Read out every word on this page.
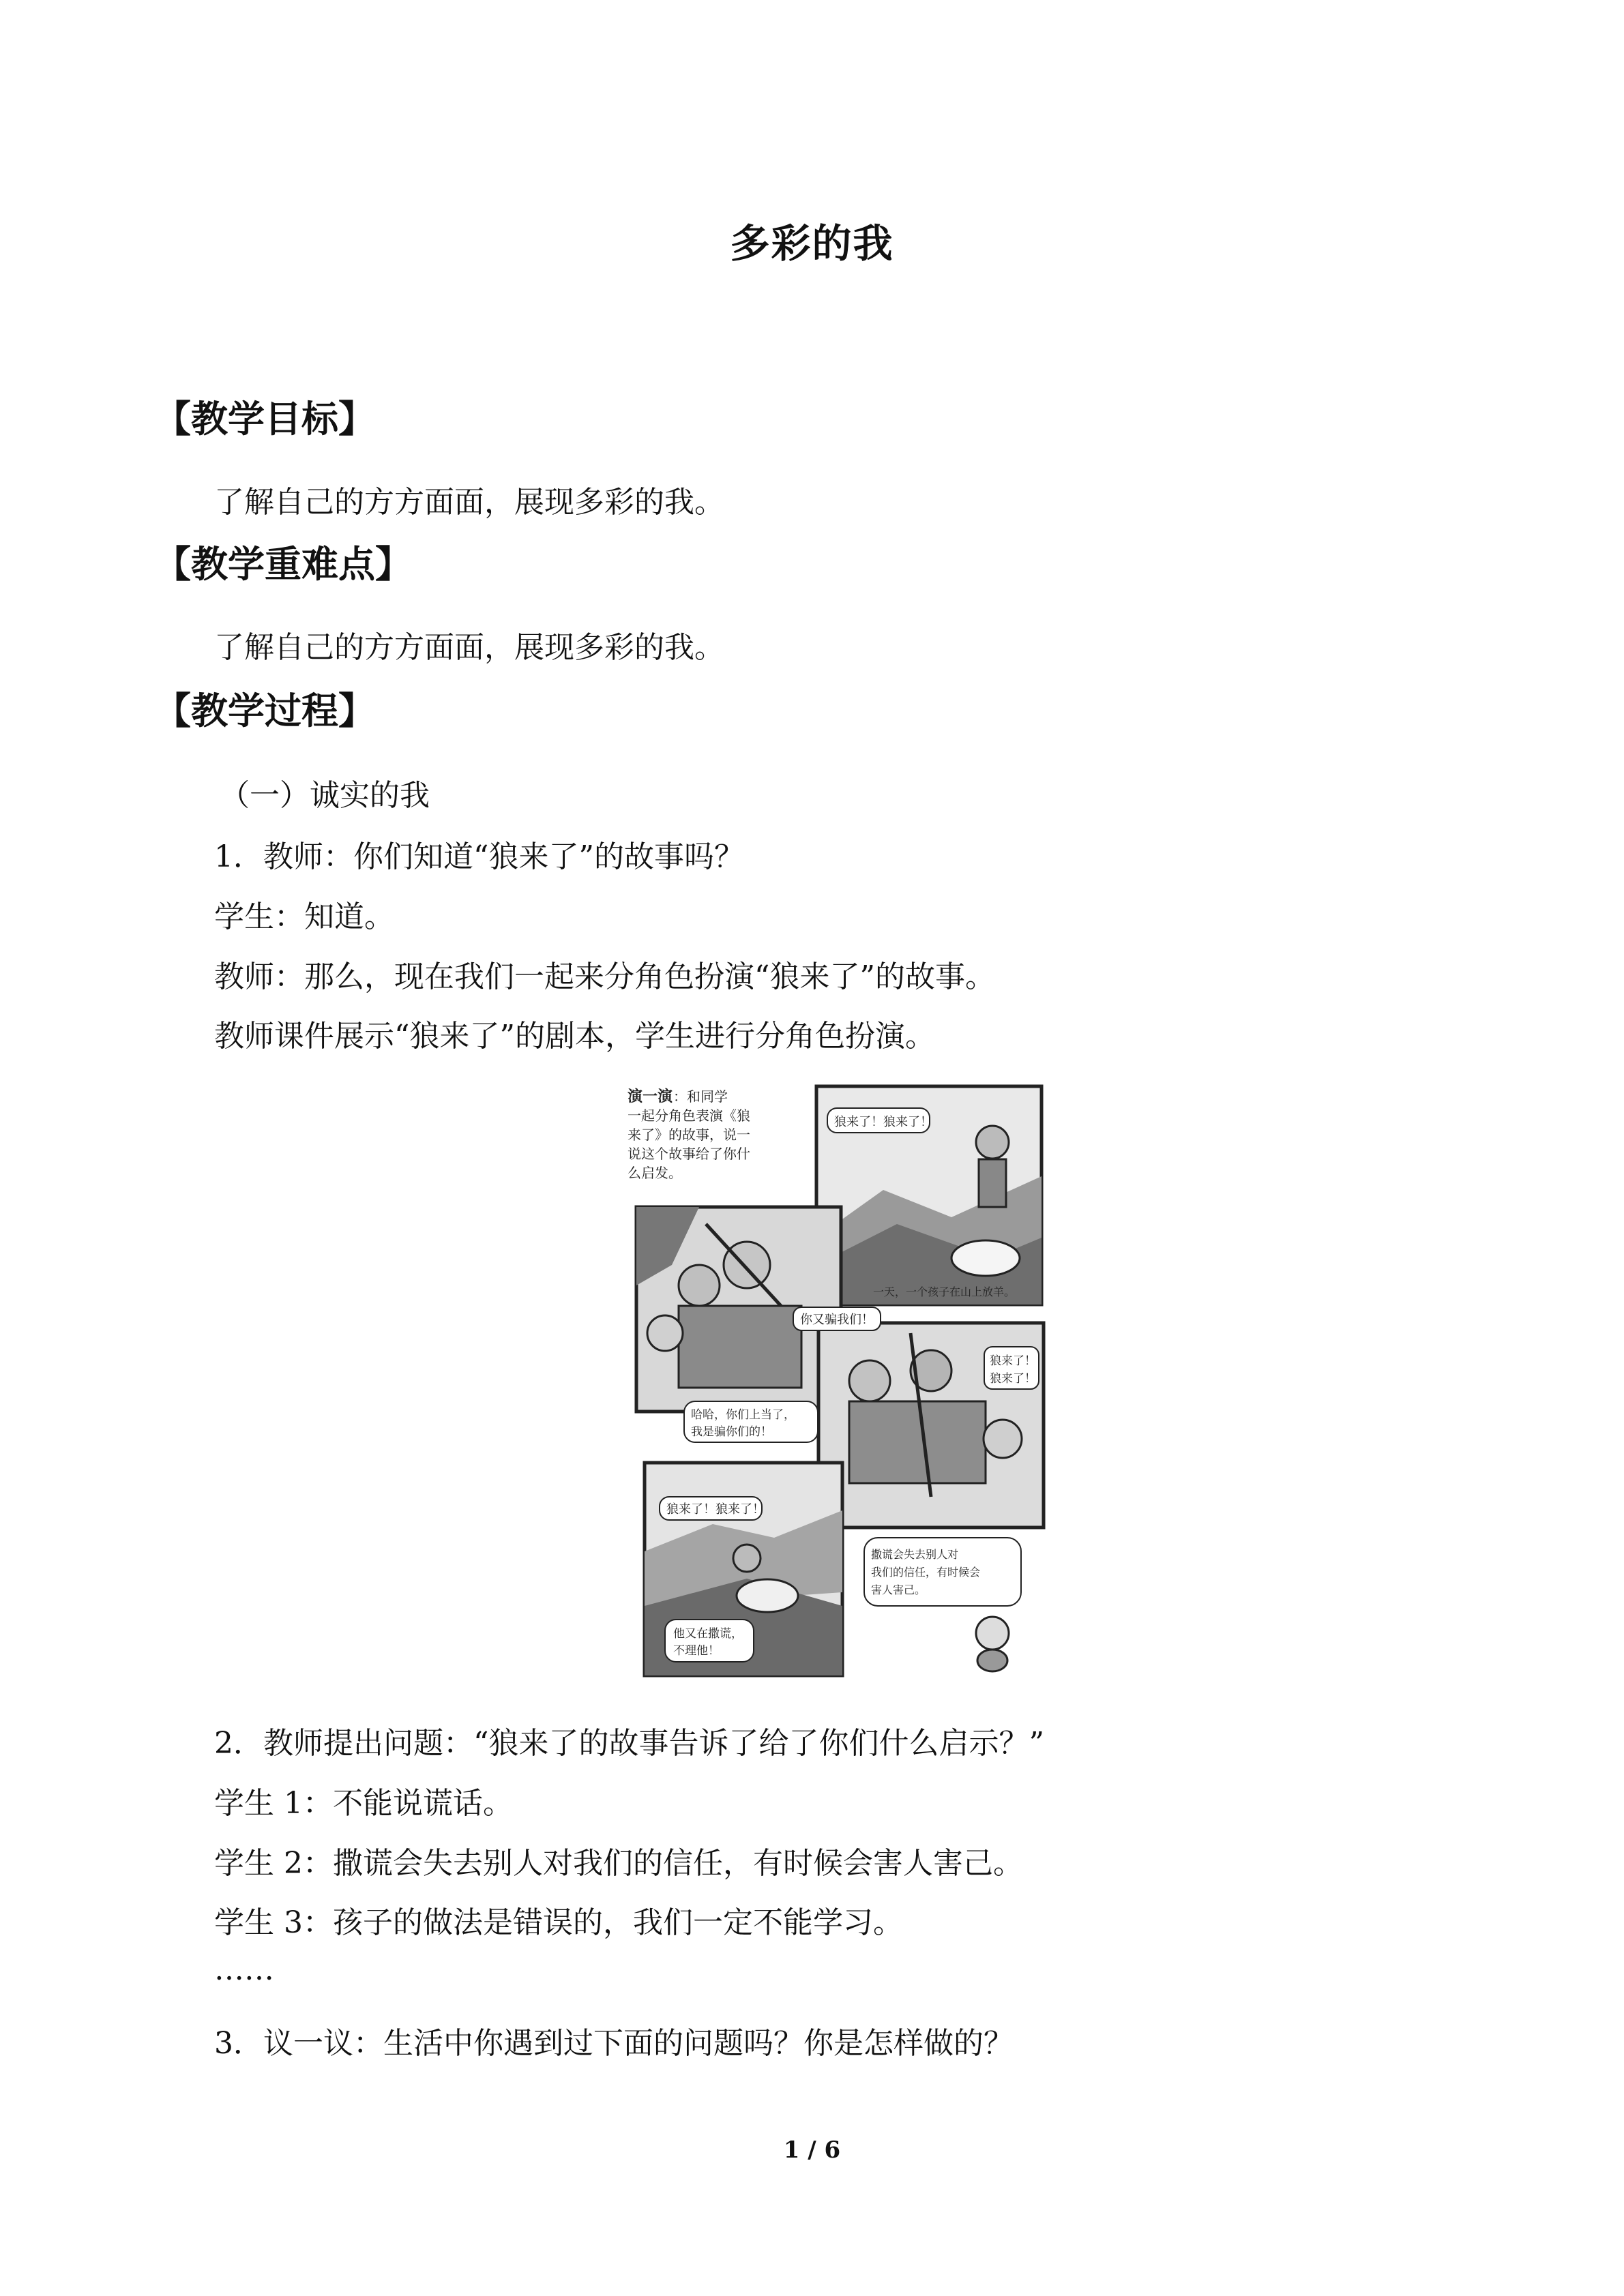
多彩的我
【教学目标】
了解自己的方方面面，展现多彩的我。
【教学重难点】
了解自己的方方面面，展现多彩的我。
【教学过程】
（一）诚实的我
1．教师：你们知道“狼来了”的故事吗？
学生：知道。
教师：那么，现在我们一起来分角色扮演“狼来了”的故事。
教师课件展示“狼来了”的剧本，学生进行分角色扮演。
演一演 ：和同学
一起分角色表演《狼
来了》的故事，说一
说这个故事给了你什
么启发。
狼来了！狼来了！
一天，一个孩子在山上放羊。
你又骗我们！
狼来了！
狼来了！
哈哈，你们上当了，
我是骗你们的！
狼来了！狼来了！
他又在撒谎，
不理他！
撒谎会失去别人对
我们的信任，有时候会
害人害己。
2．教师提出问题：“狼来了的故事告诉了给了你们什么启示？”
学生 1：不能说谎话。
学生 2：撒谎会失去别人对我们的信任，有时候会害人害己。
学生 3：孩子的做法是错误的，我们一定不能学习。
……
3．议一议：生活中你遇到过下面的问题吗？你是怎样做的？
1 / 6
